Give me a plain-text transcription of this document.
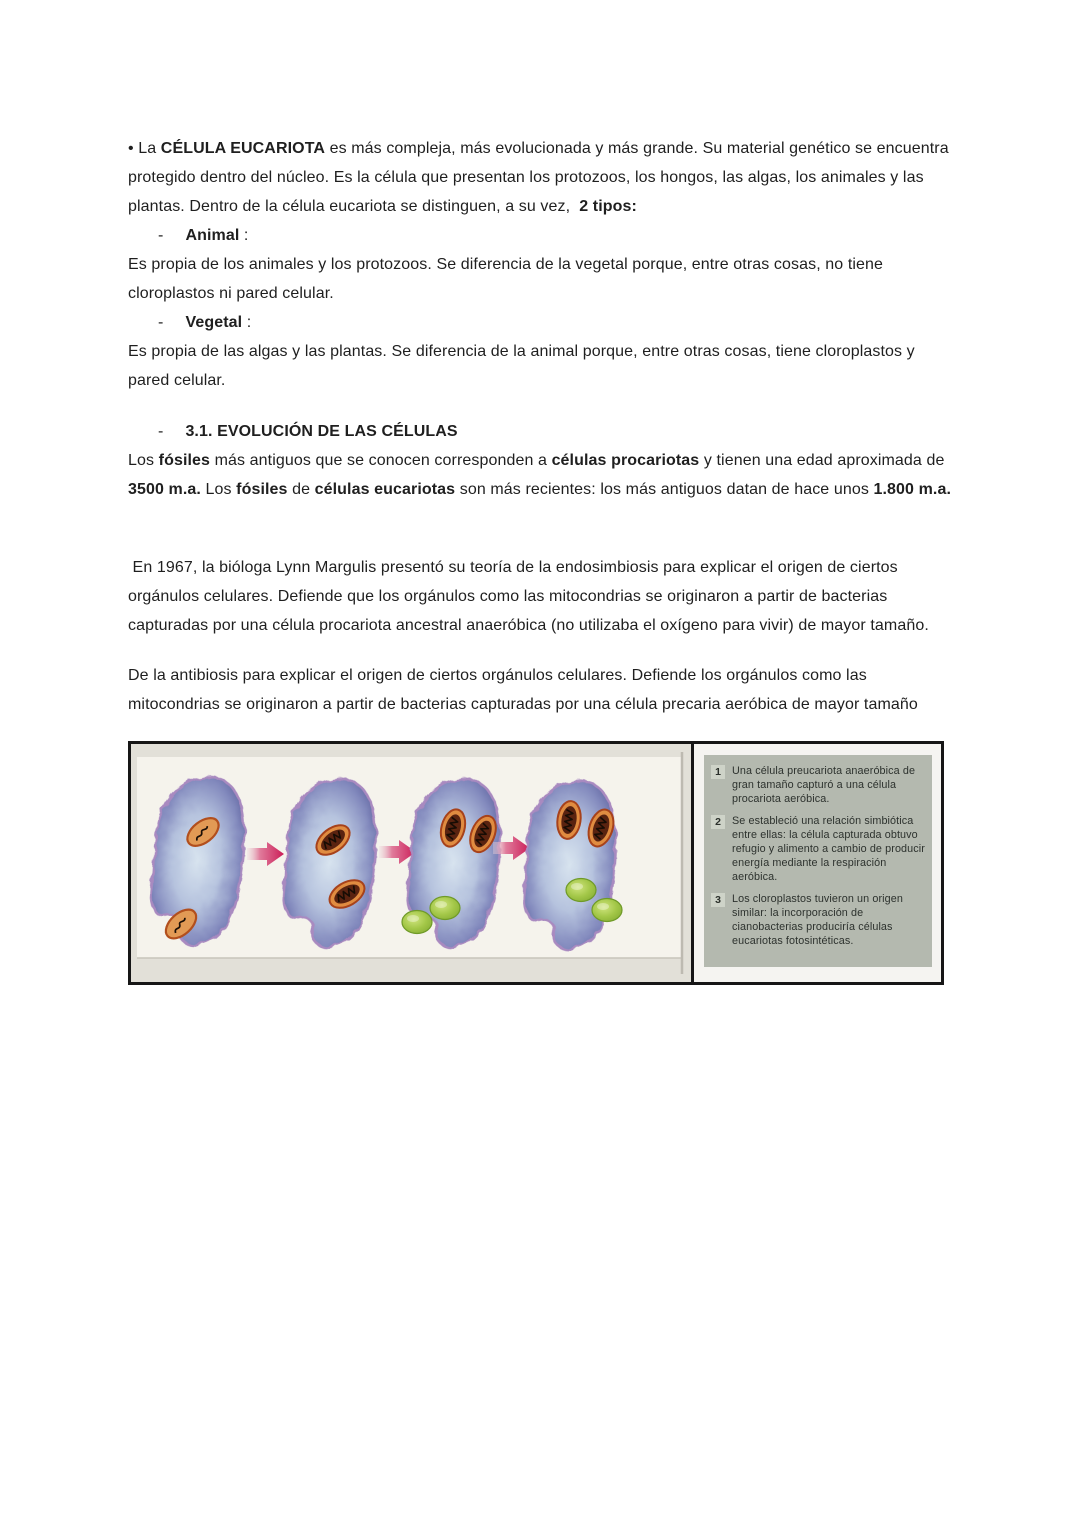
• La CÉLULA EUCARIOTA es más compleja, más evolucionada y más grande. Su material genético se encuentra protegido dentro del núcleo. Es la célula que presentan los protozoos, los hongos, las algas, los animales y las plantas. Dentro de la célula eucariota se distinguen, a su vez,  2 tipos:

- Animal :

Es propia de los animales y los protozoos. Se diferencia de la vegetal porque, entre otras cosas, no tiene cloroplastos ni pared celular.

- Vegetal :

Es propia de las algas y las plantas. Se diferencia de la animal porque, entre otras cosas, tiene cloroplastos y pared celular.

- 3.1. EVOLUCIÓN DE LAS CÉLULAS

Los fósiles más antiguos que se conocen corresponden a células procariotas y tienen una edad aproximada de 3500 m.a. Los fósiles de células eucariotas son más recientes: los más antiguos datan de hace unos 1.800 m.a.

En 1967, la bióloga Lynn Margulis presentó su teoría de la endosimbiosis para explicar el origen de ciertos orgánulos celulares. Defiende que los orgánulos como las mitocondrias se originaron a partir de bacterias capturadas por una célula procariota ancestral anaeróbica (no utilizaba el oxígeno para vivir) de mayor tamaño.

De la antibiosis para explicar el origen de ciertos orgánulos celulares. Defiende los orgánulos como las mitocondrias se originaron a partir de bacterias capturadas por una célula precaria aeróbica de mayor tamaño

1	Una célula preucariota anaeróbica de gran tamaño capturó a una célula procariota aeróbica.
2	Se estableció una relación simbiótica entre ellas: la célula capturada obtuvo refugio y alimento a cambio de producir energía mediante la respiración aeróbica.
3	Los cloroplastos tuvieron un origen similar: la incorporación de cianobacterias produciría células eucariotas fotosintéticas.
